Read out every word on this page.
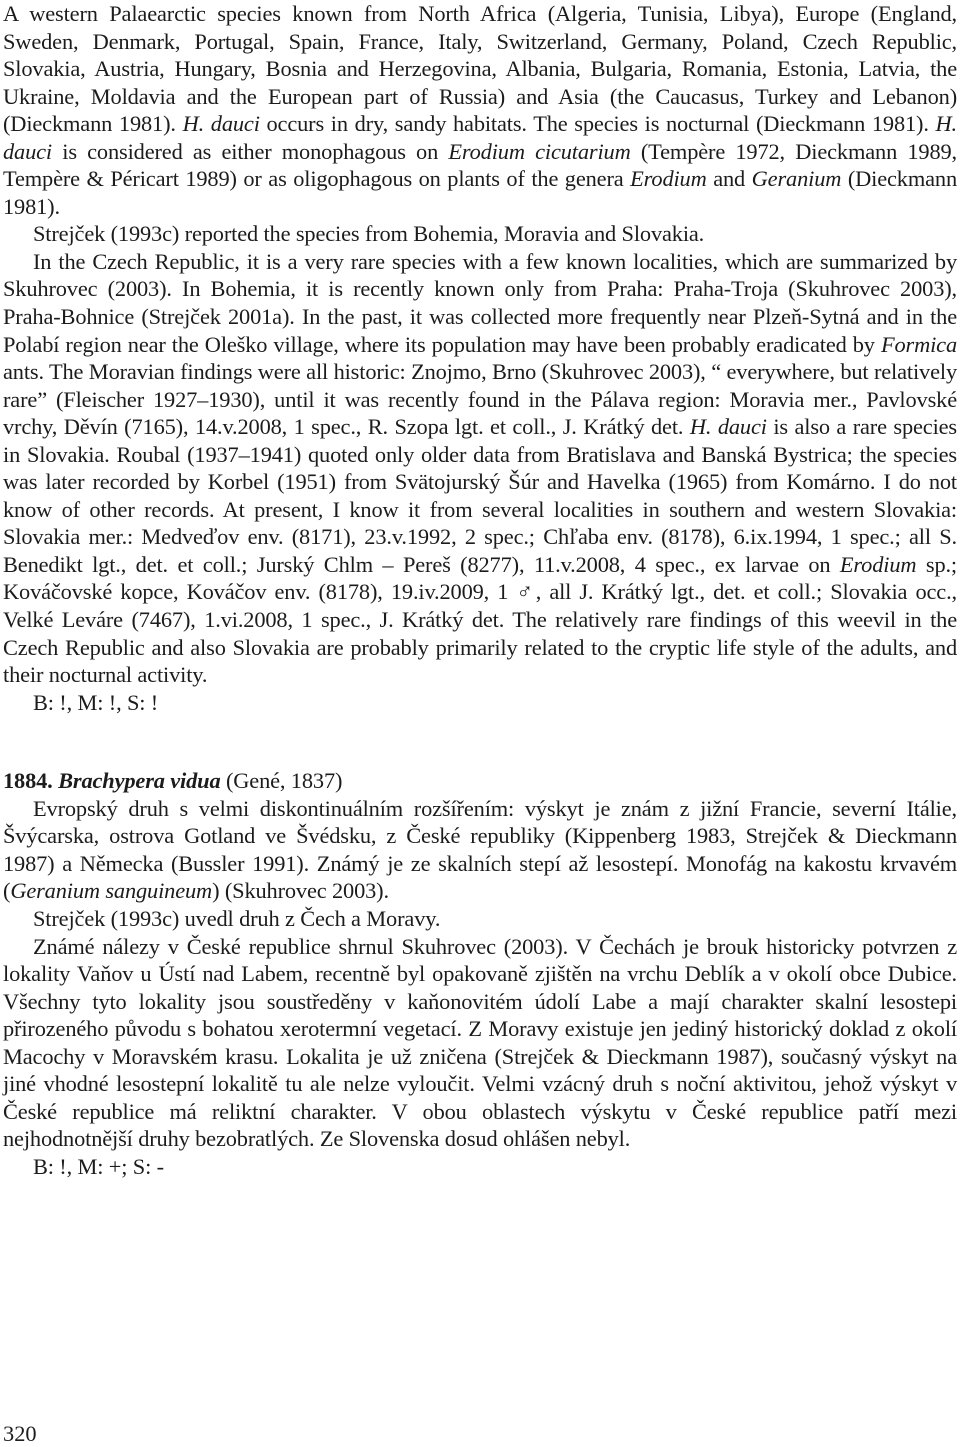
A western Palaearctic species known from North Africa (Algeria, Tunisia, Libya), Europe (England, Sweden, Denmark, Portugal, Spain, France, Italy, Switzerland, Germany, Poland, Czech Republic, Slovakia, Austria, Hungary, Bosnia and Herzegovina, Albania, Bulgaria, Romania, Estonia, Latvia, the Ukraine, Moldavia and the European part of Russia) and Asia (the Caucasus, Turkey and Lebanon) (Dieckmann 1981). H. dauci occurs in dry, sandy habitats. The species is nocturnal (Dieckmann 1981). H. dauci is considered as either monophagous on Erodium cicutarium (Tempère 1972, Dieckmann 1989, Tempère & Péricart 1989) or as oligophagous on plants of the genera Erodium and Geranium (Dieckmann 1981).

Strejček (1993c) reported the species from Bohemia, Moravia and Slovakia.

In the Czech Republic, it is a very rare species with a few known localities, which are summarized by Skuhrovec (2003). In Bohemia, it is recently known only from Praha: Praha-Troja (Skuhrovec 2003), Praha-Bohnice (Strejček 2001a). In the past, it was collected more frequently near Plzeň-Sytná and in the Polabí region near the Oleško village, where its population may have been probably eradicated by Formica ants. The Moravian findings were all historic: Znojmo, Brno (Skuhrovec 2003), “ everywhere, but relatively rare” (Fleischer 1927–1930), until it was recently found in the Pálava region: Moravia mer., Pavlovské vrchy, Děvín (7165), 14.v.2008, 1 spec., R. Szopa lgt. et coll., J. Krátký det. H. dauci is also a rare species in Slovakia. Roubal (1937–1941) quoted only older data from Bratislava and Banská Bystrica; the species was later recorded by Korbel (1951) from Svätojurský Šúr and Havelka (1965) from Komárno. I do not know of other records. At present, I know it from several localities in southern and western Slovakia: Slovakia mer.: Medveďov env. (8171), 23.v.1992, 2 spec.; Chľaba env. (8178), 6.ix.1994, 1 spec.; all S. Benedikt lgt., det. et coll.; Jurský Chlm – Pereš (8277), 11.v.2008, 4 spec., ex larvae on Erodium sp.; Kováčovské kopce, Kováčov env. (8178), 19.iv.2009, 1 ♂, all J. Krátký lgt., det. et coll.; Slovakia occ., Velké Leváre (7467), 1.vi.2008, 1 spec., J. Krátký det. The relatively rare findings of this weevil in the Czech Republic and also Slovakia are probably primarily related to the cryptic life style of the adults, and their nocturnal activity.

B: !, M: !, S: !

1884. Brachypera vidua (Gené, 1837)

Evropský druh s velmi diskontinuálním rozšířením: výskyt je znám z jižní Francie, severní Itálie, Švýcarska, ostrova Gotland ve Švédsku, z České republiky (Kippenberg 1983, Strejček & Dieckmann 1987) a Německa (Bussler 1991). Známý je ze skalních stepí až lesostepí. Monofág na kakostu krvavém (Geranium sanguineum) (Skuhrovec 2003).

Strejček (1993c) uvedl druh z Čech a Moravy.

Známé nálezy v České republice shrnul Skuhrovec (2003). V Čechách je brouk historicky potvrzen z lokality Vaňov u Ústí nad Labem, recentně byl opakovaně zjištěn na vrchu Deblík a v okolí obce Dubice. Všechny tyto lokality jsou soustředěny v kaňonovitém údolí Labe a mají charakter skalní lesostepi přirozeného původu s bohatou xerotermní vegetací. Z Moravy existuje jen jediný historický doklad z okolí Macochy v Moravském krasu. Lokalita je už zničena (Strejček & Dieckmann 1987), současný výskyt na jiné vhodné lesostepní lokalitě tu ale nelze vyloučit. Velmi vzácný druh s noční aktivitou, jehož výskyt v České republice má reliktní charakter. V obou oblastech výskytu v České republice patří mezi nejhodnotnější druhy bezobratlých. Ze Slovenska dosud ohlášen nebyl.

B: !, M: +; S: -

320
